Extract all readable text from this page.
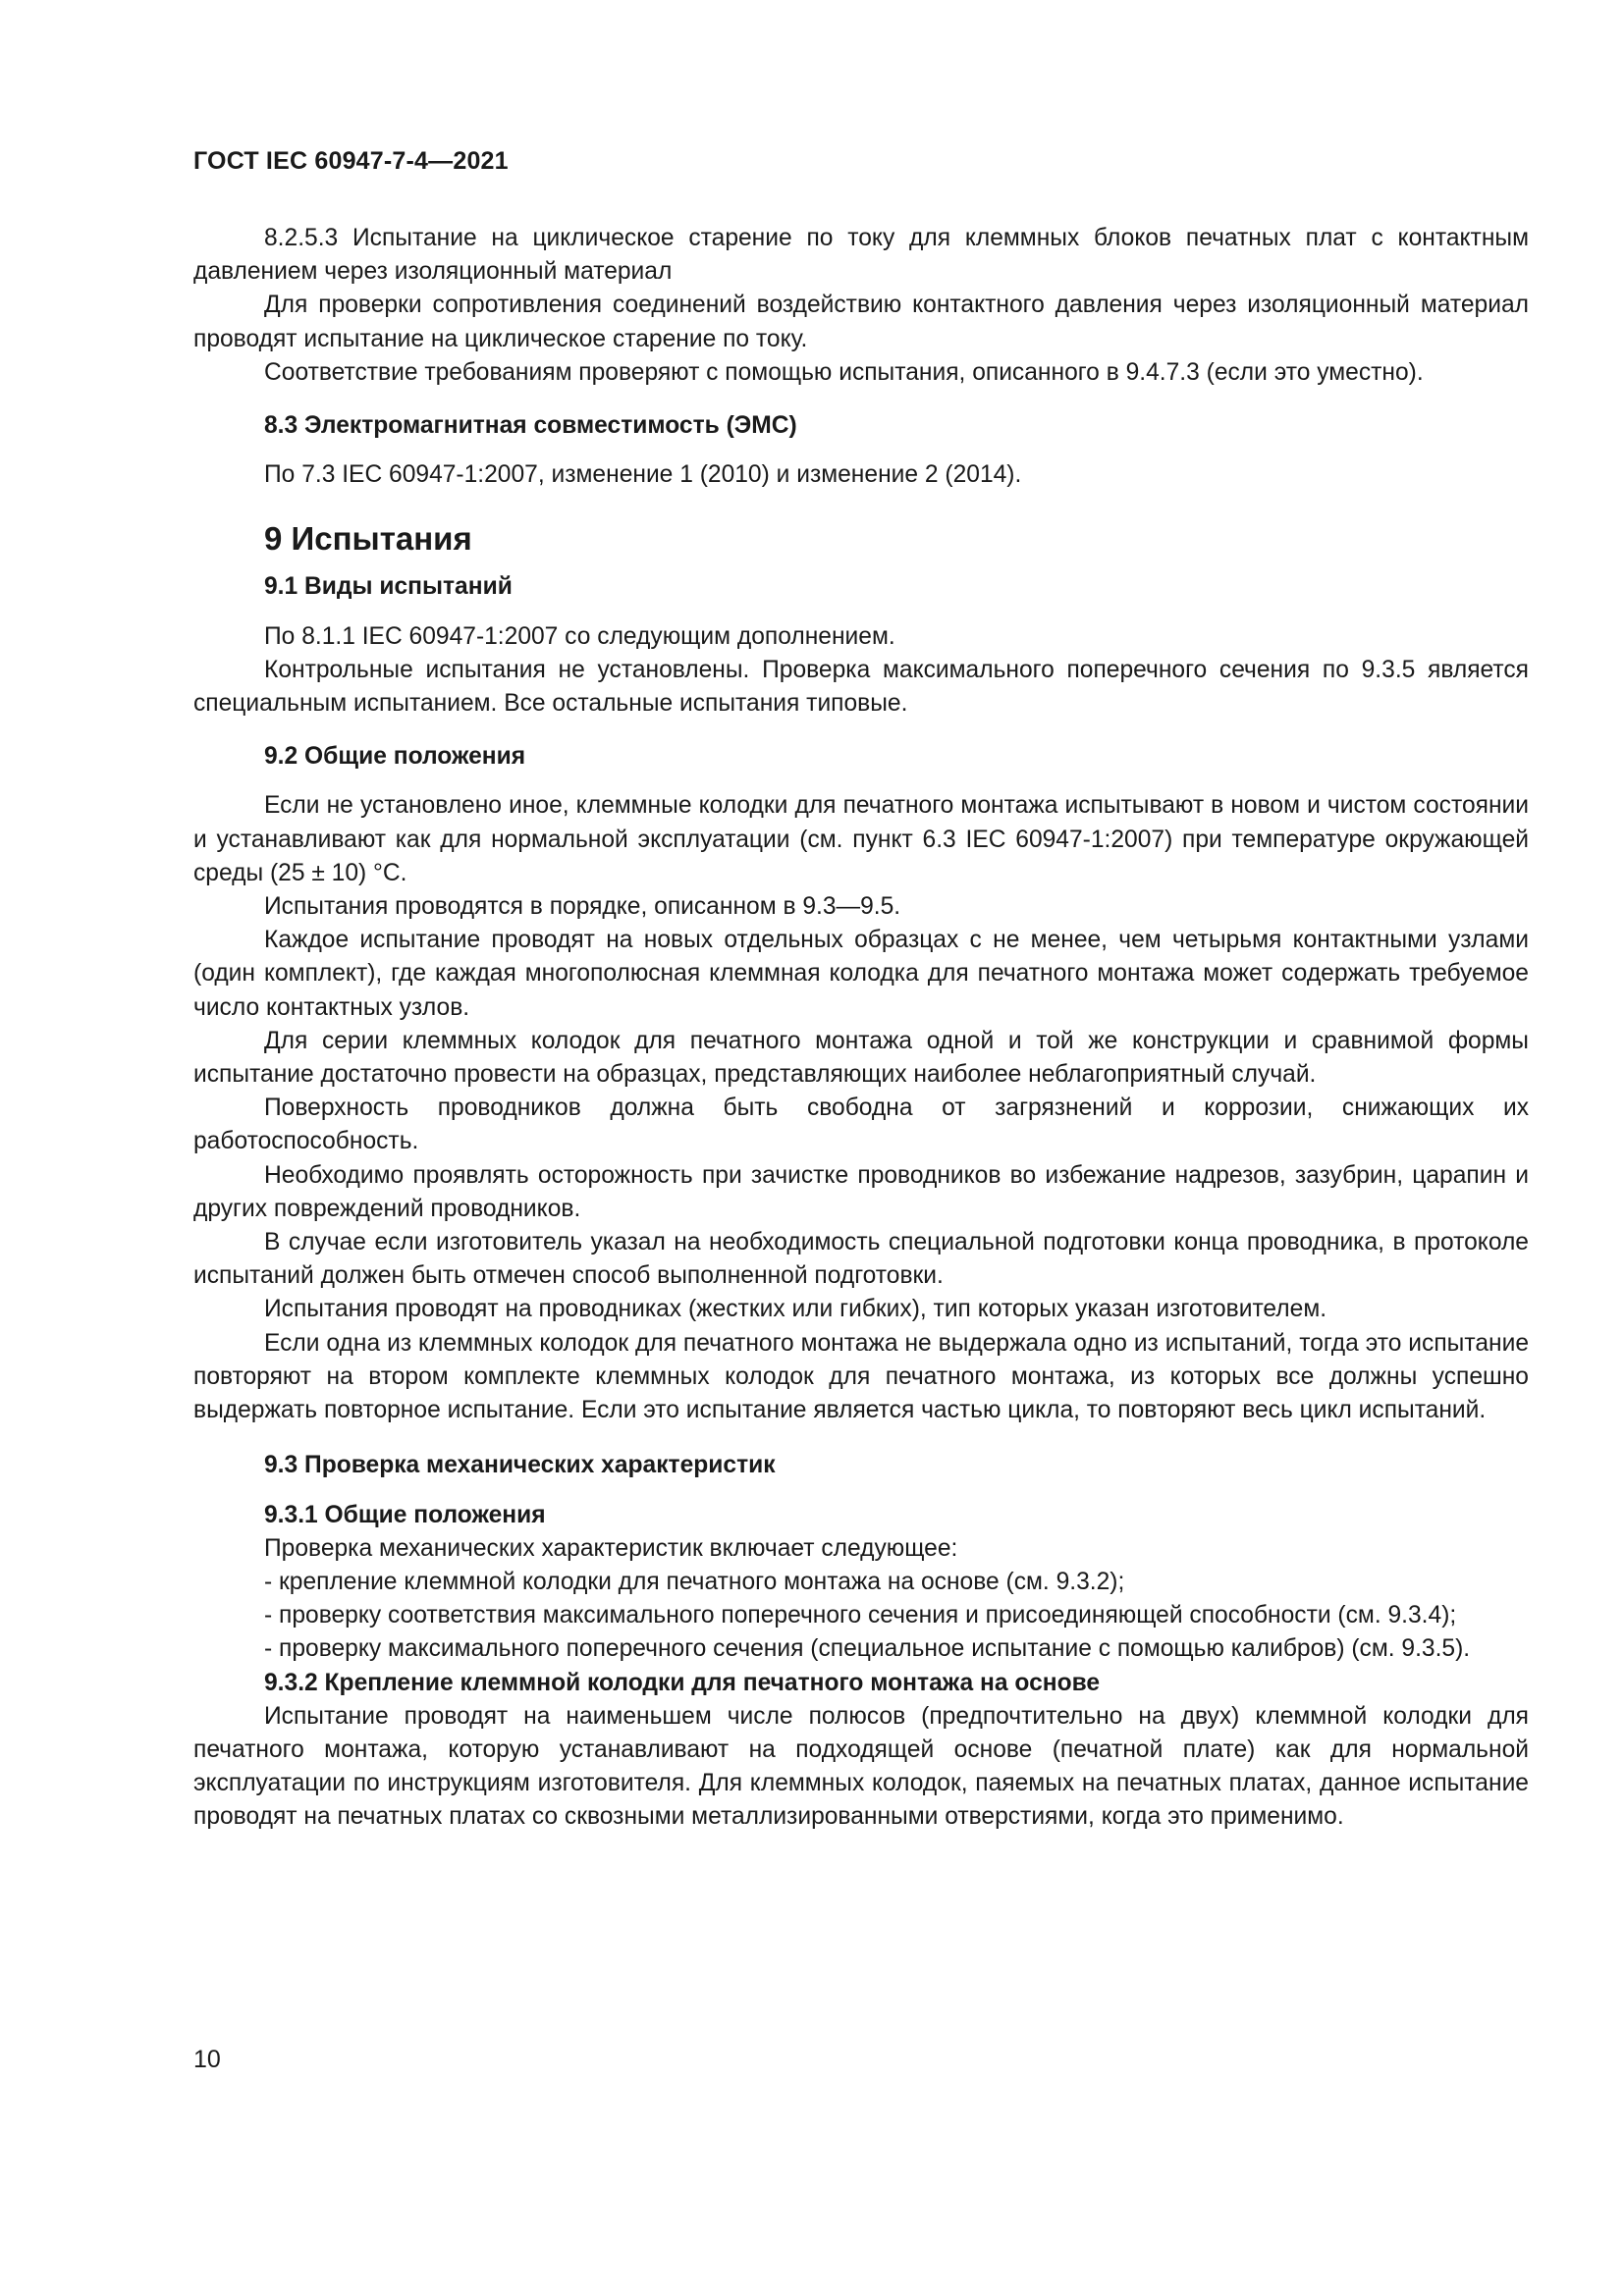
ГОСТ IEC 60947-7-4—2021

8.2.5.3 Испытание на циклическое старение по току для клеммных блоков печатных плат с контактным давлением через изоляционный материал

Для проверки сопротивления соединений воздействию контактного давления через изоляционный материал проводят испытание на циклическое старение по току.

Соответствие требованиям проверяют с помощью испытания, описанного в 9.4.7.3 (если это уместно).

8.3 Электромагнитная совместимость (ЭМС)

По 7.3 IEC 60947-1:2007, изменение 1 (2010) и изменение 2 (2014).

9 Испытания
9.1 Виды испытаний

По 8.1.1 IEC 60947-1:2007 со следующим дополнением.

Контрольные испытания не установлены. Проверка максимального поперечного сечения по 9.3.5 является специальным испытанием. Все остальные испытания типовые.

9.2 Общие положения

Если не установлено иное, клеммные колодки для печатного монтажа испытывают в новом и чистом состоянии и устанавливают как для нормальной эксплуатации (см. пункт 6.3 IEC 60947-1:2007) при температуре окружающей среды (25 ± 10) °С.

Испытания проводятся в порядке, описанном в 9.3—9.5.

Каждое испытание проводят на новых отдельных образцах с не менее, чем четырьмя контактными узлами (один комплект), где каждая многополюсная клеммная колодка для печатного монтажа может содержать требуемое число контактных узлов.

Для серии клеммных колодок для печатного монтажа одной и той же конструкции и сравнимой формы испытание достаточно провести на образцах, представляющих наиболее неблагоприятный случай.

Поверхность проводников должна быть свободна от загрязнений и коррозии, снижающих их работоспособность.

Необходимо проявлять осторожность при зачистке проводников во избежание надрезов, зазубрин, царапин и других повреждений проводников.

В случае если изготовитель указал на необходимость специальной подготовки конца проводника, в протоколе испытаний должен быть отмечен способ выполненной подготовки.

Испытания проводят на проводниках (жестких или гибких), тип которых указан изготовителем.

Если одна из клеммных колодок для печатного монтажа не выдержала одно из испытаний, тогда это испытание повторяют на втором комплекте клеммных колодок для печатного монтажа, из которых все должны успешно выдержать повторное испытание. Если это испытание является частью цикла, то повторяют весь цикл испытаний.

9.3 Проверка механических характеристик
9.3.1 Общие положения

Проверка механических характеристик включает следующее:

- крепление клеммной колодки для печатного монтажа на основе (см. 9.3.2);

- проверку соответствия максимального поперечного сечения и присоединяющей способности (см. 9.3.4);

- проверку максимального поперечного сечения (специальное испытание с помощью калибров) (см. 9.3.5).

9.3.2 Крепление клеммной колодки для печатного монтажа на основе

Испытание проводят на наименьшем числе полюсов (предпочтительно на двух) клеммной колодки для печатного монтажа, которую устанавливают на подходящей основе (печатной плате) как для нормальной эксплуатации по инструкциям изготовителя. Для клеммных колодок, паяемых на печатных платах, данное испытание проводят на печатных платах со сквозными металлизированными отверстиями, когда это применимо.

10
